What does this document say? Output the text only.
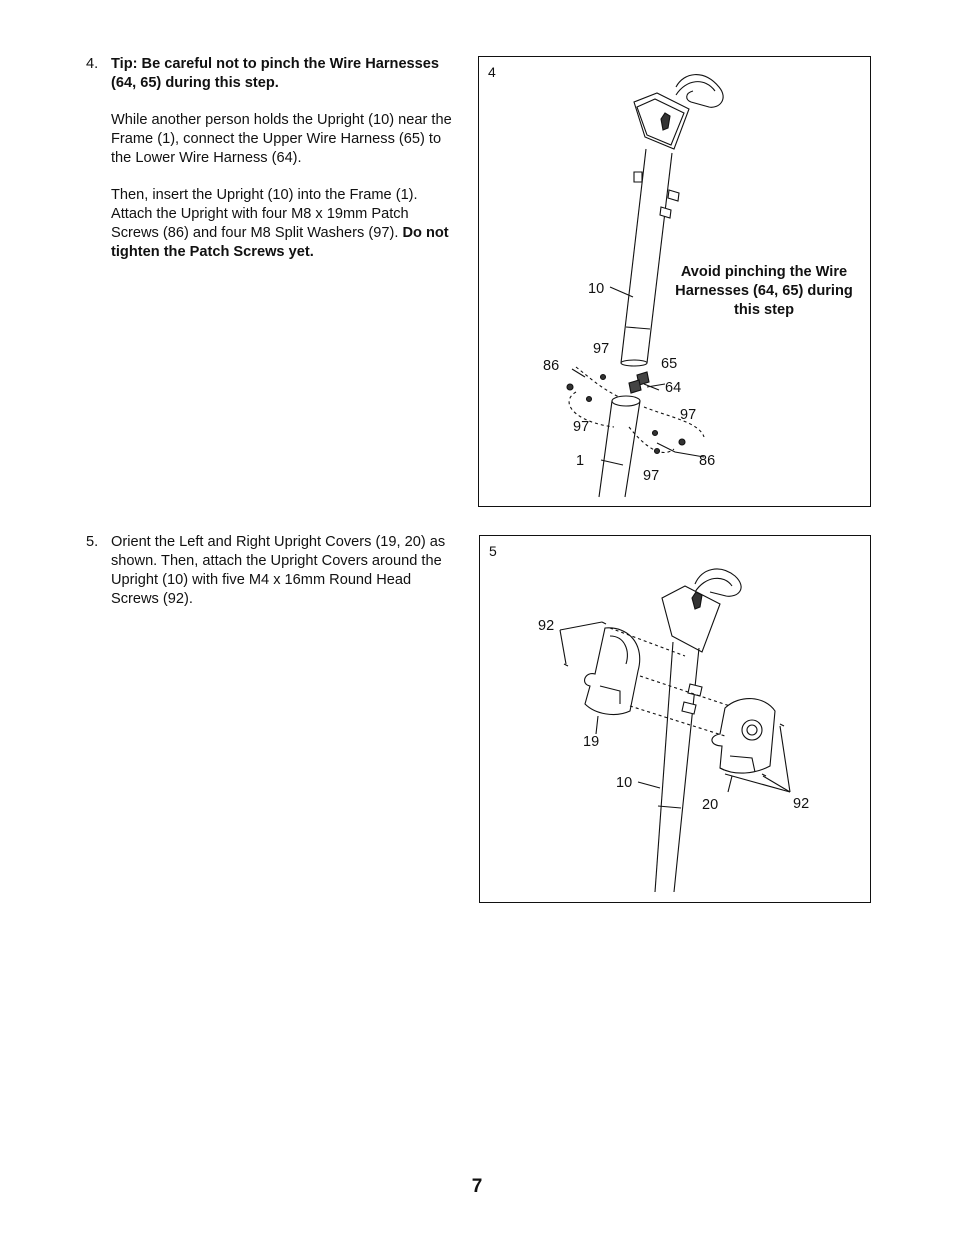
4. Tip: Be careful not to pinch the Wire Harnesses (64, 65) during this step.

While another person holds the Upright (10) near the Frame (1), connect the Upper Wire Harness (65) to the Lower Wire Harness (64).

Then, insert the Upright (10) into the Frame (1). Attach the Upright with four M8 x 19mm Patch Screws (86) and four M8 Split Washers (97). Do not tighten the Patch Screws yet.

4
Avoid pinching the Wire Harnesses (64, 65) during this step
10
97
86	65
64
97
97
1
97
86
5. Orient the Left and Right Upright Covers (19, 20) as shown. Then, attach the Upright Covers around the Upright (10) with five M4 x 16mm Round Head Screws (92).

5
92
19
10
20	92
7
